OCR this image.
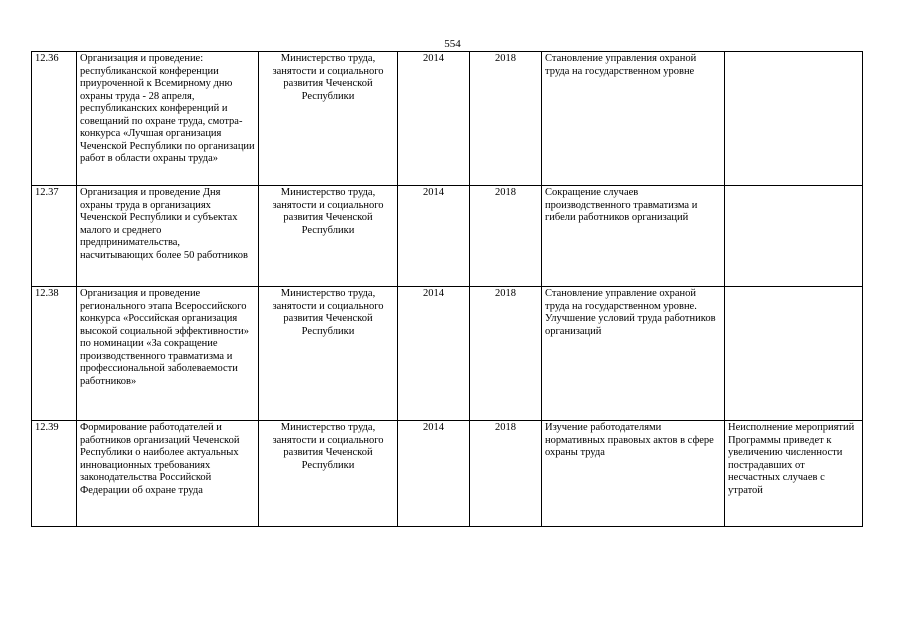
554
12.36	Организация и проведение: республиканской конференции приуроченной к Всемирному дню охраны труда - 28 апреля, республиканских конференций и совещаний по охране труда, смотра-конкурса «Лучшая организация Чеченской Республики по организации работ в области охраны труда»	Министерство труда, занятости и социального развития Чеченской Республики	2014	2018	Становление управления охраной труда на государственном уровне	
12.37	Организация и проведение Дня охраны труда в организациях Чеченской Республики и субъектах малого и среднего предпринимательства, насчитывающих более 50 работников	Министерство труда, занятости и социального развития Чеченской Республики	2014	2018	Сокращение случаев производственного травматизма и гибели работников организаций	
12.38	Организация и проведение регионального этапа Всероссийского конкурса «Российская организация высокой социальной эффективности» по номинации «За сокращение производственного травматизма и профессиональной заболеваемости работников»	Министерство труда, занятости и социального развития Чеченской Республики	2014	2018	Становление управление охраной труда на государственном уровне. Улучшение условий труда работников организаций	
12.39	Формирование работодателей и работников организаций Чеченской Республики о наиболее актуальных инновационных требованиях законодательства Российской Федерации об охране труда	Министерство труда, занятости и социального развития Чеченской Республики	2014	2018	Изучение работодателями нормативных правовых актов в сфере охраны труда	Неисполнение мероприятий Программы приведет к увеличению численности пострадавших от несчастных случаев с утратой
